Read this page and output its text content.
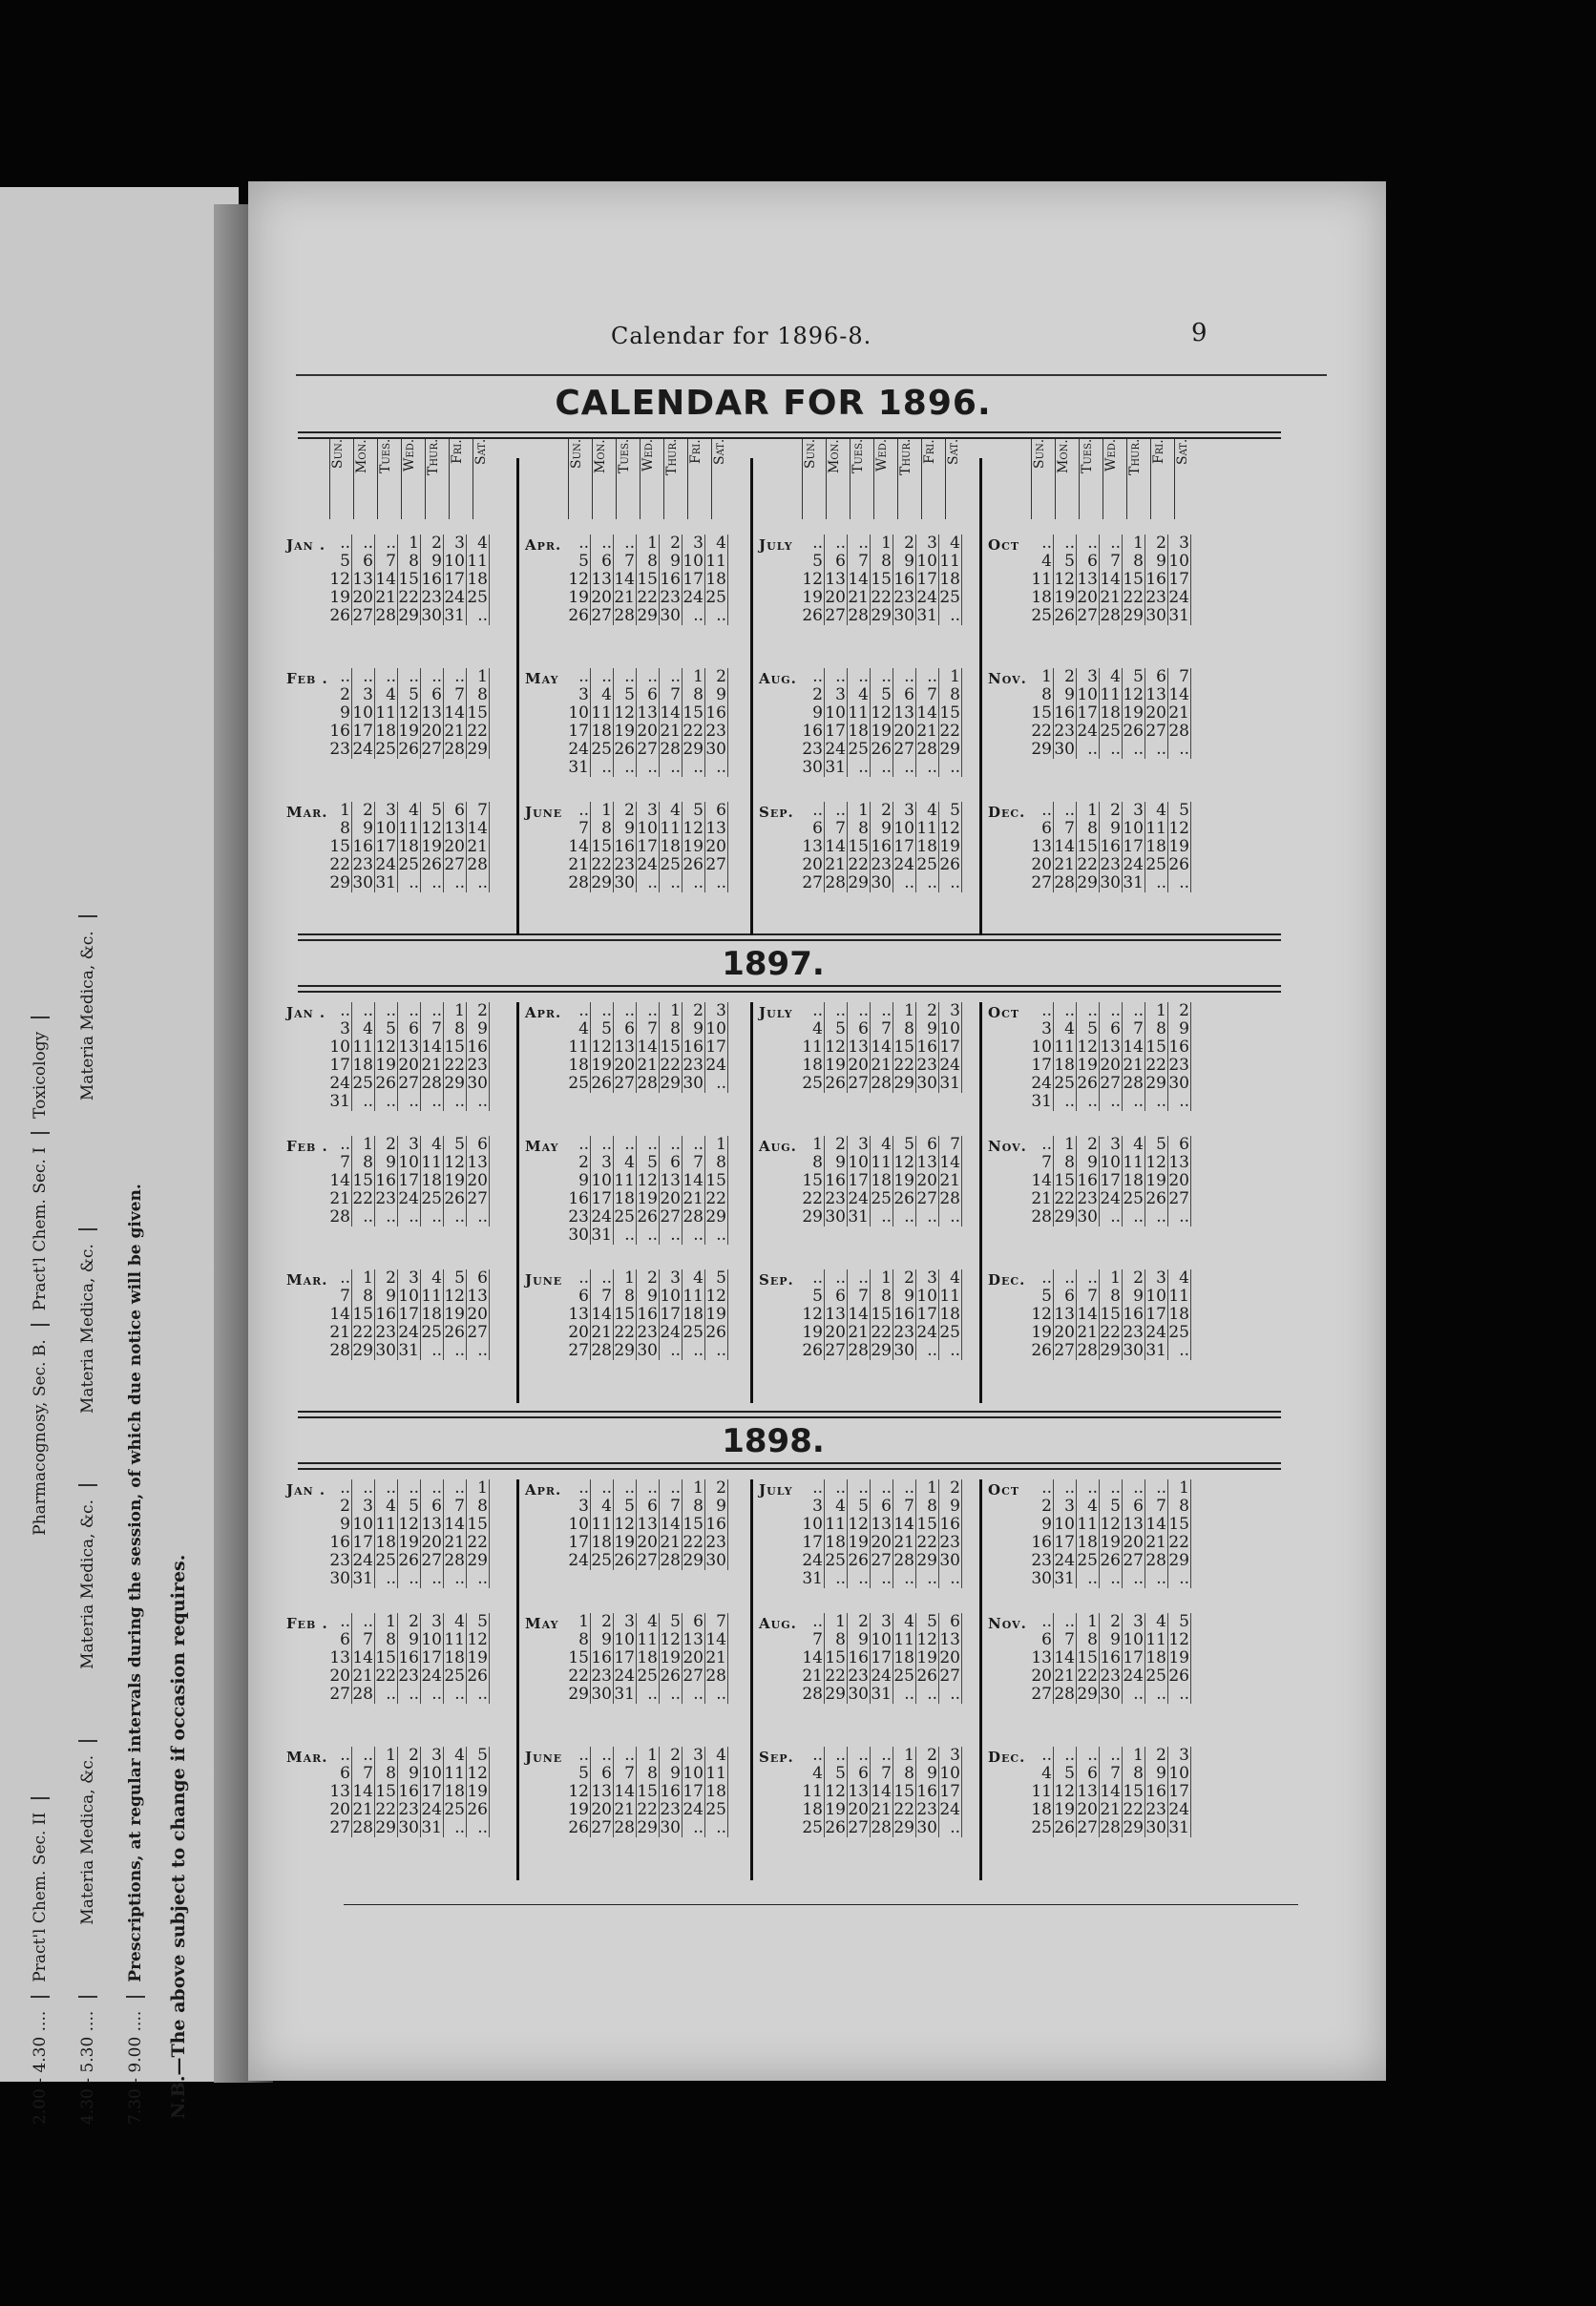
2.00 - 4.30 ....
Pract'l Chem. Sec. II
Pharmacognosy, Sec. B.
Pract'l Chem. Sec. I
Toxicology
4.30 - 5.30 ....
Materia Medica, &c.
Materia Medica, &c.
Materia Medica, &c.
Materia Medica, &c.
7.30 - 9.00 ....
Prescriptions, at regular intervals during the session, of which due notice will be given. N.B.—The above subject to change if occasion requires.
Calendar for 1896-8.	9
CALENDAR FOR 1896.
1897.
1898.
Sun. Mon. Tues. Wed. Thur. Fri. Sat.	Sun. Mon. Tues. Wed. Thur. Fri. Sat.	Sun. Mon. Tues. Wed. Thur. Fri. Sat.	Sun. Mon. Tues. Wed. Thur. Fri. Sat.
Jan . .. .. .. 1 2 3 4
5 6 7 8 9 10 11
12 13 14 15 16 17 18
19 20 21 22 23 24 25
26 27 28 29 30 31 ..
Feb . .. .. .. .. .. .. 1
2 3 4 5 6 7 8
9 10 11 12 13 14 15
16 17 18 19 20 21 22
23 24 25 26 27 28 29
Mar. 1 2 3 4 5 6 7
8 9 10 11 12 13 14
15 16 17 18 19 20 21
22 23 24 25 26 27 28
29 30 31 .. .. .. ..
Apr.	.. .. .. 1 2 3 4
5 6 7 8 9 10 11
12 13 14 15 16 17 18
19 20 21 22 23 24 25
26 27 28 29 30 .. ..
May	.. .. .. .. .. 1 2
3 4 5 6 7 8 9
10 11 12 13 14 15 16
17 18 19 20 21 22 23
24 25 26 27 28 29 30
31 .. .. .. .. .. ..
June	.. 1 2 3 4 5 6
7 8 9 10 11 12 13
14 15 16 17 18 19 20
21 22 23 24 25 26 27
28 29 30 .. .. .. ..
July	.. .. .. 1 2 3 4
5 6 7 8 9 10 11
12 13 14 15 16 17 18
19 20 21 22 23 24 25
26 27 28 29 30 31 ..
Aug. .. .. .. .. .. .. 1
2 3 4 5 6 7 8
9 10 11 12 13 14 15
16 17 18 19 20 21 22
23 24 25 26 27 28 29
30 31 .. .. .. .. ..
Sep.	.. .. 1 2 3 4 5
6 7 8 9 10 11 12
13 14 15 16 17 18 19
20 21 22 23 24 25 26
27 28 29 30 .. .. ..
Oct	.. .. .. .. 1 2 3
4 5 6 7 8 9 10
11 12 13 14 15 16 17
18 19 20 21 22 23 24
25 26 27 28 29 30 31
Nov. 1 2 3 4 5 6 7
8 9 10 11 12 13 14
15 16 17 18 19 20 21
22 23 24 25 26 27 28
29 30 .. .. .. .. ..
Dec. .. .. 1 2 3 4 5
6 7 8 9 10 11 12
13 14 15 16 17 18 19
20 21 22 23 24 25 26
27 28 29 30 31 .. ..
Jan . .. .. .. .. .. 1 2
3 4 5 6 7 8 9
10 11 12 13 14 15 16
17 18 19 20 21 22 23
24 25 26 27 28 29 30
31 .. .. .. .. .. ..
Feb . .. 1 2 3 4 5 6
7 8 9 10 11 12 13
14 15 16 17 18 19 20
21 22 23 24 25 26 27
28 .. .. .. .. .. ..
Mar. .. 1 2 3 4 5 6
7 8 9 10 11 12 13
14 15 16 17 18 19 20
21 22 23 24 25 26 27
28 29 30 31 .. .. ..
Apr.	.. .. .. .. 1 2 3
4 5 6 7 8 9 10
11 12 13 14 15 16 17
18 19 20 21 22 23 24
25 26 27 28 29 30 ..
May	.. .. .. .. .. .. 1
2 3 4 5 6 7 8
9 10 11 12 13 14 15
16 17 18 19 20 21 22
23 24 25 26 27 28 29
30 31 .. .. .. .. ..
June	.. .. 1 2 3 4 5
6 7 8 9 10 11 12
13 14 15 16 17 18 19
20 21 22 23 24 25 26
27 28 29 30 .. .. ..
July	.. .. .. .. 1 2 3
4 5 6 7 8 9 10
11 12 13 14 15 16 17
18 19 20 21 22 23 24
25 26 27 28 29 30 31
Aug. 1 2 3 4 5 6 7
8 9 10 11 12 13 14
15 16 17 18 19 20 21
22 23 24 25 26 27 28
29 30 31 .. .. .. ..
Sep.	.. .. .. 1 2 3 4
5 6 7 8 9 10 11
12 13 14 15 16 17 18
19 20 21 22 23 24 25
26 27 28 29 30 .. ..
Oct	.. .. .. .. .. 1 2
3 4 5 6 7 8 9
10 11 12 13 14 15 16
17 18 19 20 21 22 23
24 25 26 27 28 29 30
31 .. .. .. .. .. ..
Nov. .. 1 2 3 4 5 6
7 8 9 10 11 12 13
14 15 16 17 18 19 20
21 22 23 24 25 26 27
28 29 30 .. .. .. ..
Dec. .. .. .. 1 2 3 4
5 6 7 8 9 10 11
12 13 14 15 16 17 18
19 20 21 22 23 24 25
26 27 28 29 30 31 ..
Jan . .. .. .. .. .. .. 1
2 3 4 5 6 7 8
9 10 11 12 13 14 15
16 17 18 19 20 21 22
23 24 25 26 27 28 29
30 31 .. .. .. .. ..
Feb . .. .. 1 2 3 4 5
6 7 8 9 10 11 12
13 14 15 16 17 18 19
20 21 22 23 24 25 26
27 28 .. .. .. .. ..
Mar. .. .. 1 2 3 4 5
6 7 8 9 10 11 12
13 14 15 16 17 18 19
20 21 22 23 24 25 26
27 28 29 30 31 .. ..
Apr.	.. .. .. .. .. 1 2
3 4 5 6 7 8 9
10 11 12 13 14 15 16
17 18 19 20 21 22 23
24 25 26 27 28 29 30
May	1 2 3 4 5 6 7
8 9 10 11 12 13 14
15 16 17 18 19 20 21
22 23 24 25 26 27 28
29 30 31 .. .. .. ..
June	.. .. .. 1 2 3 4
5 6 7 8 9 10 11
12 13 14 15 16 17 18
19 20 21 22 23 24 25
26 27 28 29 30 .. ..
July	.. .. .. .. .. 1 2
3 4 5 6 7 8 9
10 11 12 13 14 15 16
17 18 19 20 21 22 23
24 25 26 27 28 29 30
31 .. .. .. .. .. ..
Aug. .. 1 2 3 4 5 6
7 8 9 10 11 12 13
14 15 16 17 18 19 20
21 22 23 24 25 26 27
28 29 30 31 .. .. ..
Sep.	.. .. .. .. 1 2 3
4 5 6 7 8 9 10
11 12 13 14 15 16 17
18 19 20 21 22 23 24
25 26 27 28 29 30 ..
Oct	.. .. .. .. .. .. 1
2 3 4 5 6 7 8
9 10 11 12 13 14 15
16 17 18 19 20 21 22
23 24 25 26 27 28 29
30 31 .. .. .. .. ..
Nov. .. .. 1 2 3 4 5
6 7 8 9 10 11 12
13 14 15 16 17 18 19
20 21 22 23 24 25 26
27 28 29 30 .. .. ..
Dec. .. .. .. .. 1 2 3
4 5 6 7 8 9 10
11 12 13 14 15 16 17
18 19 20 21 22 23 24
25 26 27 28 29 30 31
